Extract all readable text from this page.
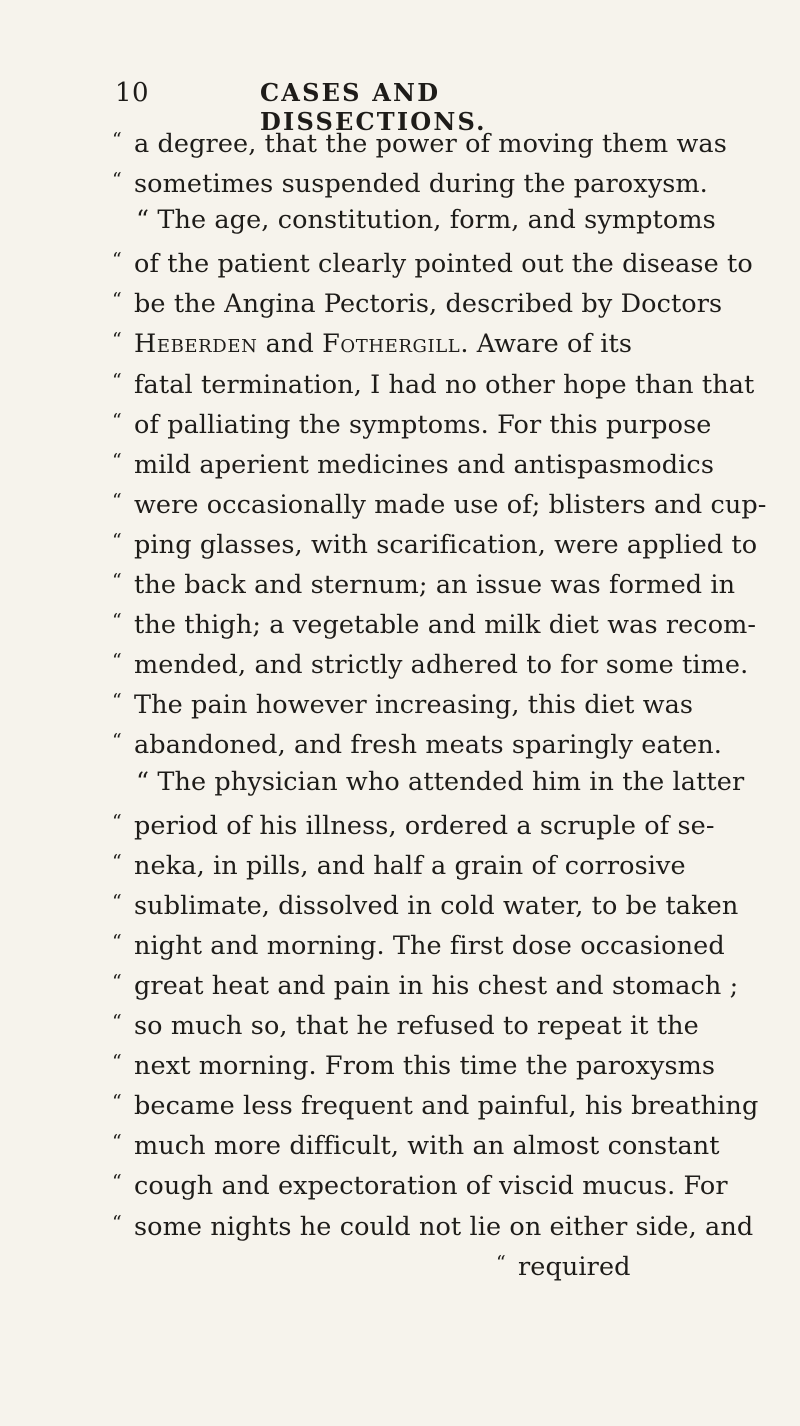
10	CASES AND DISSECTIONS.
“ a degree, that the power of moving them was
“ sometimes suspended during the paroxysm.
“ The age, constitution, form, and symptoms
“ of the patient clearly pointed out the disease to
“ be the Angina Pectoris, described by Doctors
“ Heberden and Fothergill. Aware of its
“ fatal termination, I had no other hope than that
“ of palliating the symptoms. For this purpose
“ mild aperient medicines and antispasmodics
“ were occasionally made use of; blisters and cup-
“ ping glasses, with scarification, were applied to
“ the back and sternum; an issue was formed in
“ the thigh; a vegetable and milk diet was recom-
“ mended, and strictly adhered to for some time.
“ The pain however increasing, this diet was
“ abandoned, and fresh meats sparingly eaten.
“ The physician who attended him in the latter
“ period of his illness, ordered a scruple of se-
“ neka, in pills, and half a grain of corrosive
“ sublimate, dissolved in cold water, to be taken
“ night and morning. The first dose occasioned
“ great heat and pain in his chest and stomach ;
“ so much so, that he refused to repeat it the
“ next morning. From this time the paroxysms
“ became less frequent and painful, his breathing
“ much more difficult, with an almost constant
“ cough and expectoration of viscid mucus. For
“ some nights he could not lie on either side, and
“ required
